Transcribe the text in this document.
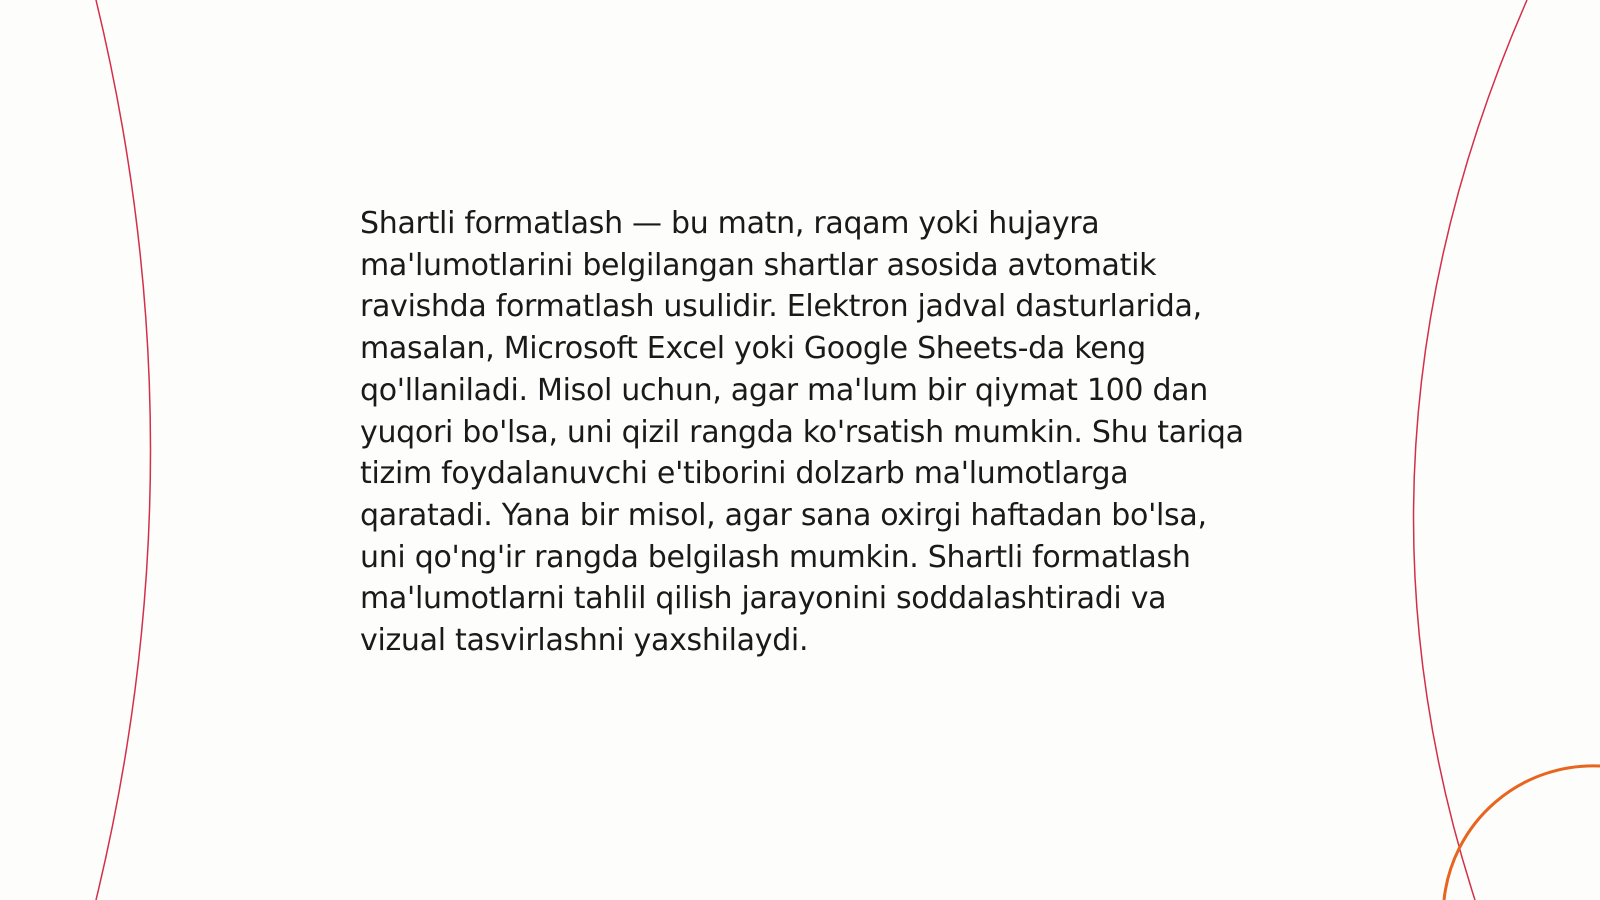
Shartli formatlash — bu matn, raqam yoki hujayra ma'lumotlarini belgilangan shartlar asosida avtomatik ravishda formatlash usulidir. Elektron jadval dasturlarida, masalan, Microsoft Excel yoki Google Sheets-da keng qo'llaniladi. Misol uchun, agar ma'lum bir qiymat 100 dan yuqori bo'lsa, uni qizil rangda ko'rsatish mumkin. Shu tariqa tizim foydalanuvchi e'tiborini dolzarb ma'lumotlarga qaratadi. Yana bir misol, agar sana oxirgi haftadan bo'lsa, uni qo'ng'ir rangda belgilash mumkin. Shartli formatlash ma'lumotlarni tahlil qilish jarayonini soddalashtiradi va vizual tasvirlashni yaxshilaydi.
